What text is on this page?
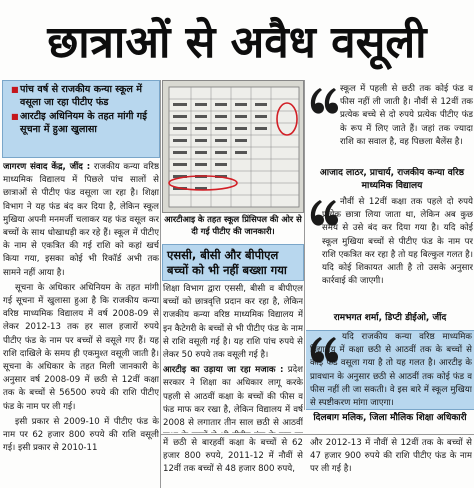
छात्राओं से अवैध वसूली
■ पांच वर्ष से राजकीय कन्या स्कूल में वसूला जा रहा पीटीए फंड
■ आरटीइ अधिनियम के तहत मांगी गई सूचना में हुआ खुलासा
जागरण संवाद केंद्र, जींद : राजकीय कन्या वरिष्ठ माध्यमिक विद्यालय में पिछले पांच सालों से छात्राओं से पीटीए फंड वसूला जा रहा है। शिक्षा विभाग ने यह फंड बंद कर दिया है, लेकिन स्कूल मुखिया अपनी मनमर्जी चलाकर यह फंड वसूल कर बच्चों के साथ धोखाधड़ी कर रहे हैं। स्कूल में पीटीए के नाम से एकत्रित की गई राशि को कहां खर्च किया गया, इसका कोई भी रिकॉर्ड अभी तक सामने नहीं आया है।
सूचना के अधिकार अधिनियम के तहत मांगी गई सूचना में खुलासा हुआ है कि राजकीय कन्या वरिष्ठ माध्यमिक विद्यालय में वर्ष 2008-09 से लेकर 2012-13 तक हर साल हजारों रुपये पीटीए फंड के नाम पर बच्चों से वसूले गए हैं। यह राशि दाखिले के समय ही एकमुश्त वसूली जाती है। सूचना के अधिकार के तहत मिली जानकारी के अनुसार वर्ष 2008-09 में छठी से 12वीं कक्षा तक के बच्चों से 56500 रुपये की राशि पीटीए फंड के नाम पर ली गई।
इसी प्रकार से 2009-10 में पीटीए फंड के नाम पर 62 हजार 800 रुपये की राशि वसूली गई। इसी प्रकार से 2010-11
आरटीआइ के तहत स्कूल प्रिंसिपल की ओर से दी गई पीटीए की जानकारी।
एससी, बीसी और बीपीएल बच्चों को भी नहीं बख्शा गया
शिक्षा विभाग द्वारा एससी, बीसी व बीपीएल बच्चों को छात्रवृत्ति प्रदान कर रहा है, लेकिन राजकीय कन्या वरिष्ठ माध्यमिक विद्यालय में इन कैटेगरी के बच्चों से भी पीटीए फंड के नाम से राशि वसूली गई है। यह राशि पांच रुपये से लेकर 50 रुपये तक वसूली गई है।
आरटीइ का उड़ाया जा रहा मजाक : प्रदेश सरकार ने शिक्षा का अधिकार लागू करके पहली से आठवीं कक्षा के बच्चों की फीस व फंड माफ कर रखा है, लेकिन विद्यालय में वर्ष 2008 से लगातार तीन साल छठी से आठवीं
स्कूल में पहली से छठी तक कोई फंड व फीस नहीं ली जाती है। नौवीं से 12वीं तक प्रत्येक बच्चे से दो रुपये प्रत्येक पीटीए फंड के रूप में लिए जाते हैं। जहां तक ज्यादा राशि का सवाल है, वह पिछला बैलेंस है।
आजाद लाठर, प्राचार्य, राजकीय कन्या वरिष्ठ माध्यमिक विद्यालय
नौवीं से 12वीं कक्षा तक पहले दो रुपये प्रत्येक छात्रा लिया जाता था, लेकिन अब कुछ समय से उसे बंद कर दिया गया है। यदि कोई स्कूल मुखिया बच्चों से पीटीए फंड के नाम पर राशि एकत्रित कर रहा है तो यह बिल्कुल गलत है। यदि कोई शिकायत आती है तो उसके अनुसार कार्रवाई की जाएगी।
रामभगत शर्मा, डिप्टी डीईओ, जींद
यदि राजकीय कन्या वरिष्ठ माध्यमिक विद्यालय में कक्षा छठी से आठवीं तक के बच्चों से कोई फंड वसूला गया है तो यह गलत है। आरटीइ के प्रावधान के अनुसार छठी से आठवीं तक कोई फंड व फीस नहीं ली जा सकती। वे इस बारे में स्कूल मुखिया से स्पष्टीकरण मांगा जाएगा।
दिलबाग मलिक, जिला मौलिक शिक्षा अधिकारी
में छठी से बारहवीं कक्षा के बच्चों से 62 हजार 800 रुपये, 2011-12 में नौवीं से 12वीं तक बच्चों से 48 हजार 800 रुपये,
और 2012-13 में नौवीं से 12वीं तक के बच्चों से 47 हजार 900 रुपये की राशि पीटीए फंड के नाम पर ली गई है।
